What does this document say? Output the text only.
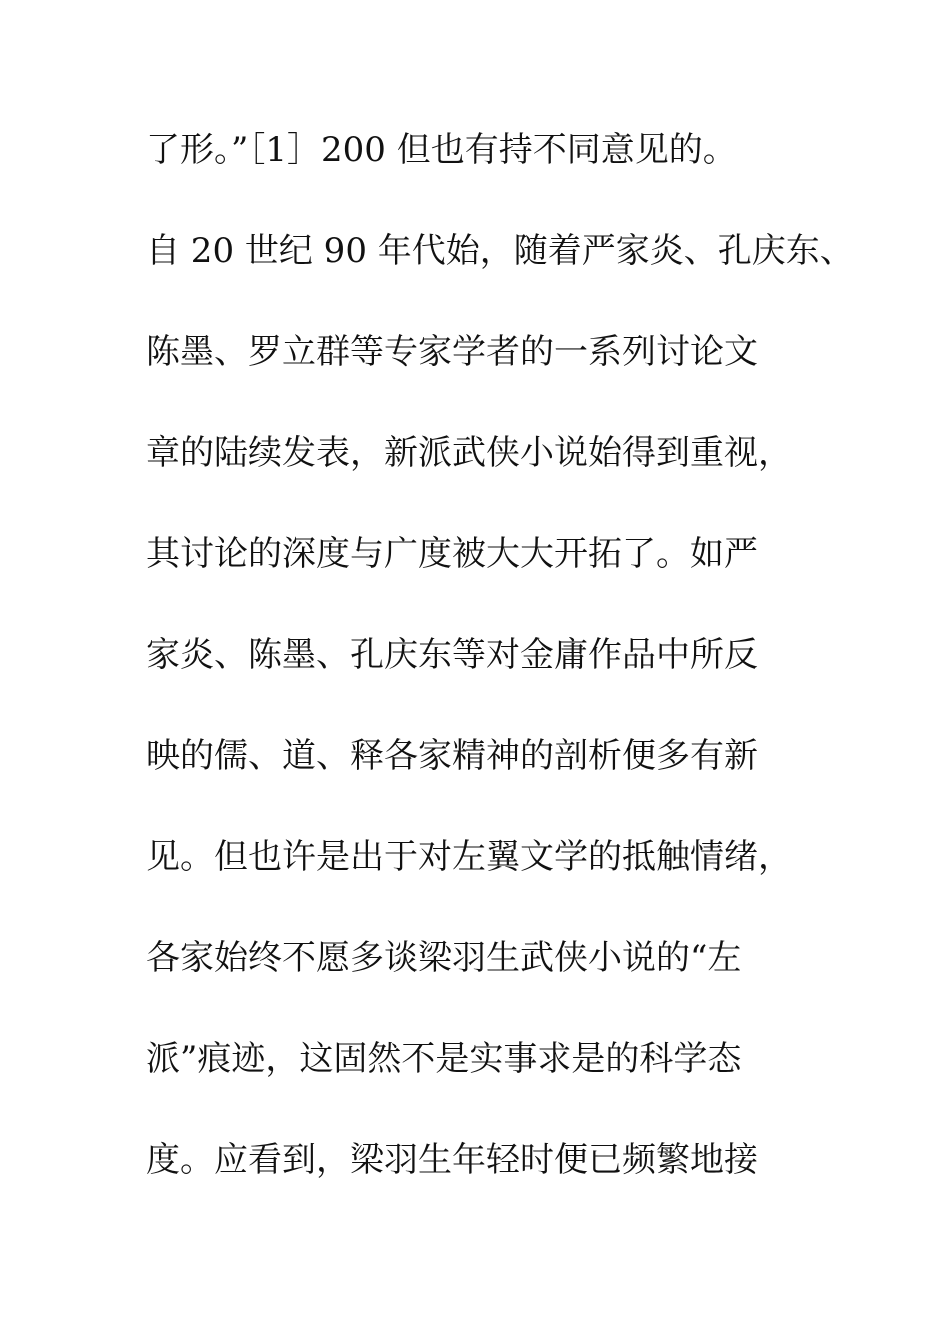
了形。”［1］200 但也有持不同意见的。
自 20 世纪 90 年代始，随着严家炎、孔庆东、
陈墨、罗立群等专家学者的一系列讨论文
章的陆续发表，新派武侠小说始得到重视，
其讨论的深度与广度被大大开拓了。如严
家炎、陈墨、孔庆东等对金庸作品中所反
映的儒、道、释各家精神的剖析便多有新
见。但也许是出于对左翼文学的抵触情绪，
各家始终不愿多谈梁羽生武侠小说的“左
派”痕迹，这固然不是实事求是的科学态
度。应看到，梁羽生年轻时便已频繁地接
